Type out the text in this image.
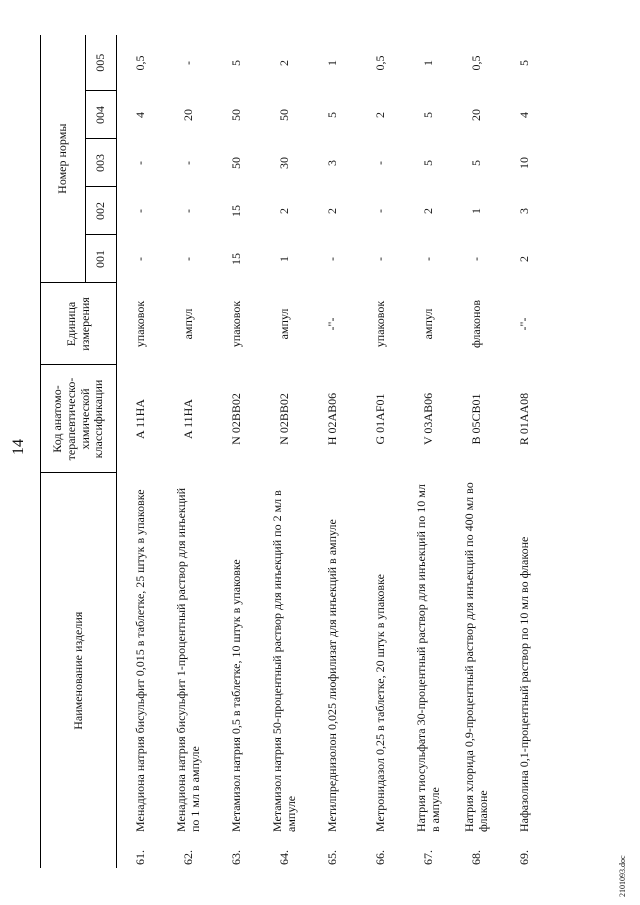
14
Наименование изделия		Код анатомо-терапевтическо-химической классификации	Единица измерения	Номер нормы				
				001	002	003	004	005
61.	Менадиона натрия бисульфит 0,015 в таблетке, 25 штук в упаковке	A 11HA	упаковок	-	-	-	4	0,5
62.	Менадиона натрия бисульфит 1-процентный раствор для инъекций по 1 мл в ампуле	A 11HA	ампул	-	-	-	20	-
63.	Метамизол натрия 0,5 в таблетке, 10 штук в упаковке	N 02BB02	упаковок	15	15	50	50	5
64.	Метамизол натрия 50-процентный раствор для инъекций по 2 мл в ампуле	N 02BB02	ампул	1	2	30	50	2
65.	Метилпреднизолон 0,025 лиофилизат для инъекций в ампуле	H 02AB06	-"-	-	2	3	5	1
66.	Метронидазол 0,25 в таблетке, 20 штук в упаковке	G 01AF01	упаковок	-	-	-	2	0,5
67.	Натрия тиосульфата 30-процентный раствор для инъекций по 10 мл в ампуле	V 03AB06	ампул	-	2	5	5	1
68.	Натрия хлорида 0,9-процентный раствор для инъекций по 400 мл во флаконе	B 05CB01	флаконов	-	1	5	20	0,5
69.	Нафазолина 0,1-процентный раствор по 10 мл во флаконе	R 01AA08	-"-	2	3	10	4	5
2101093.doc
